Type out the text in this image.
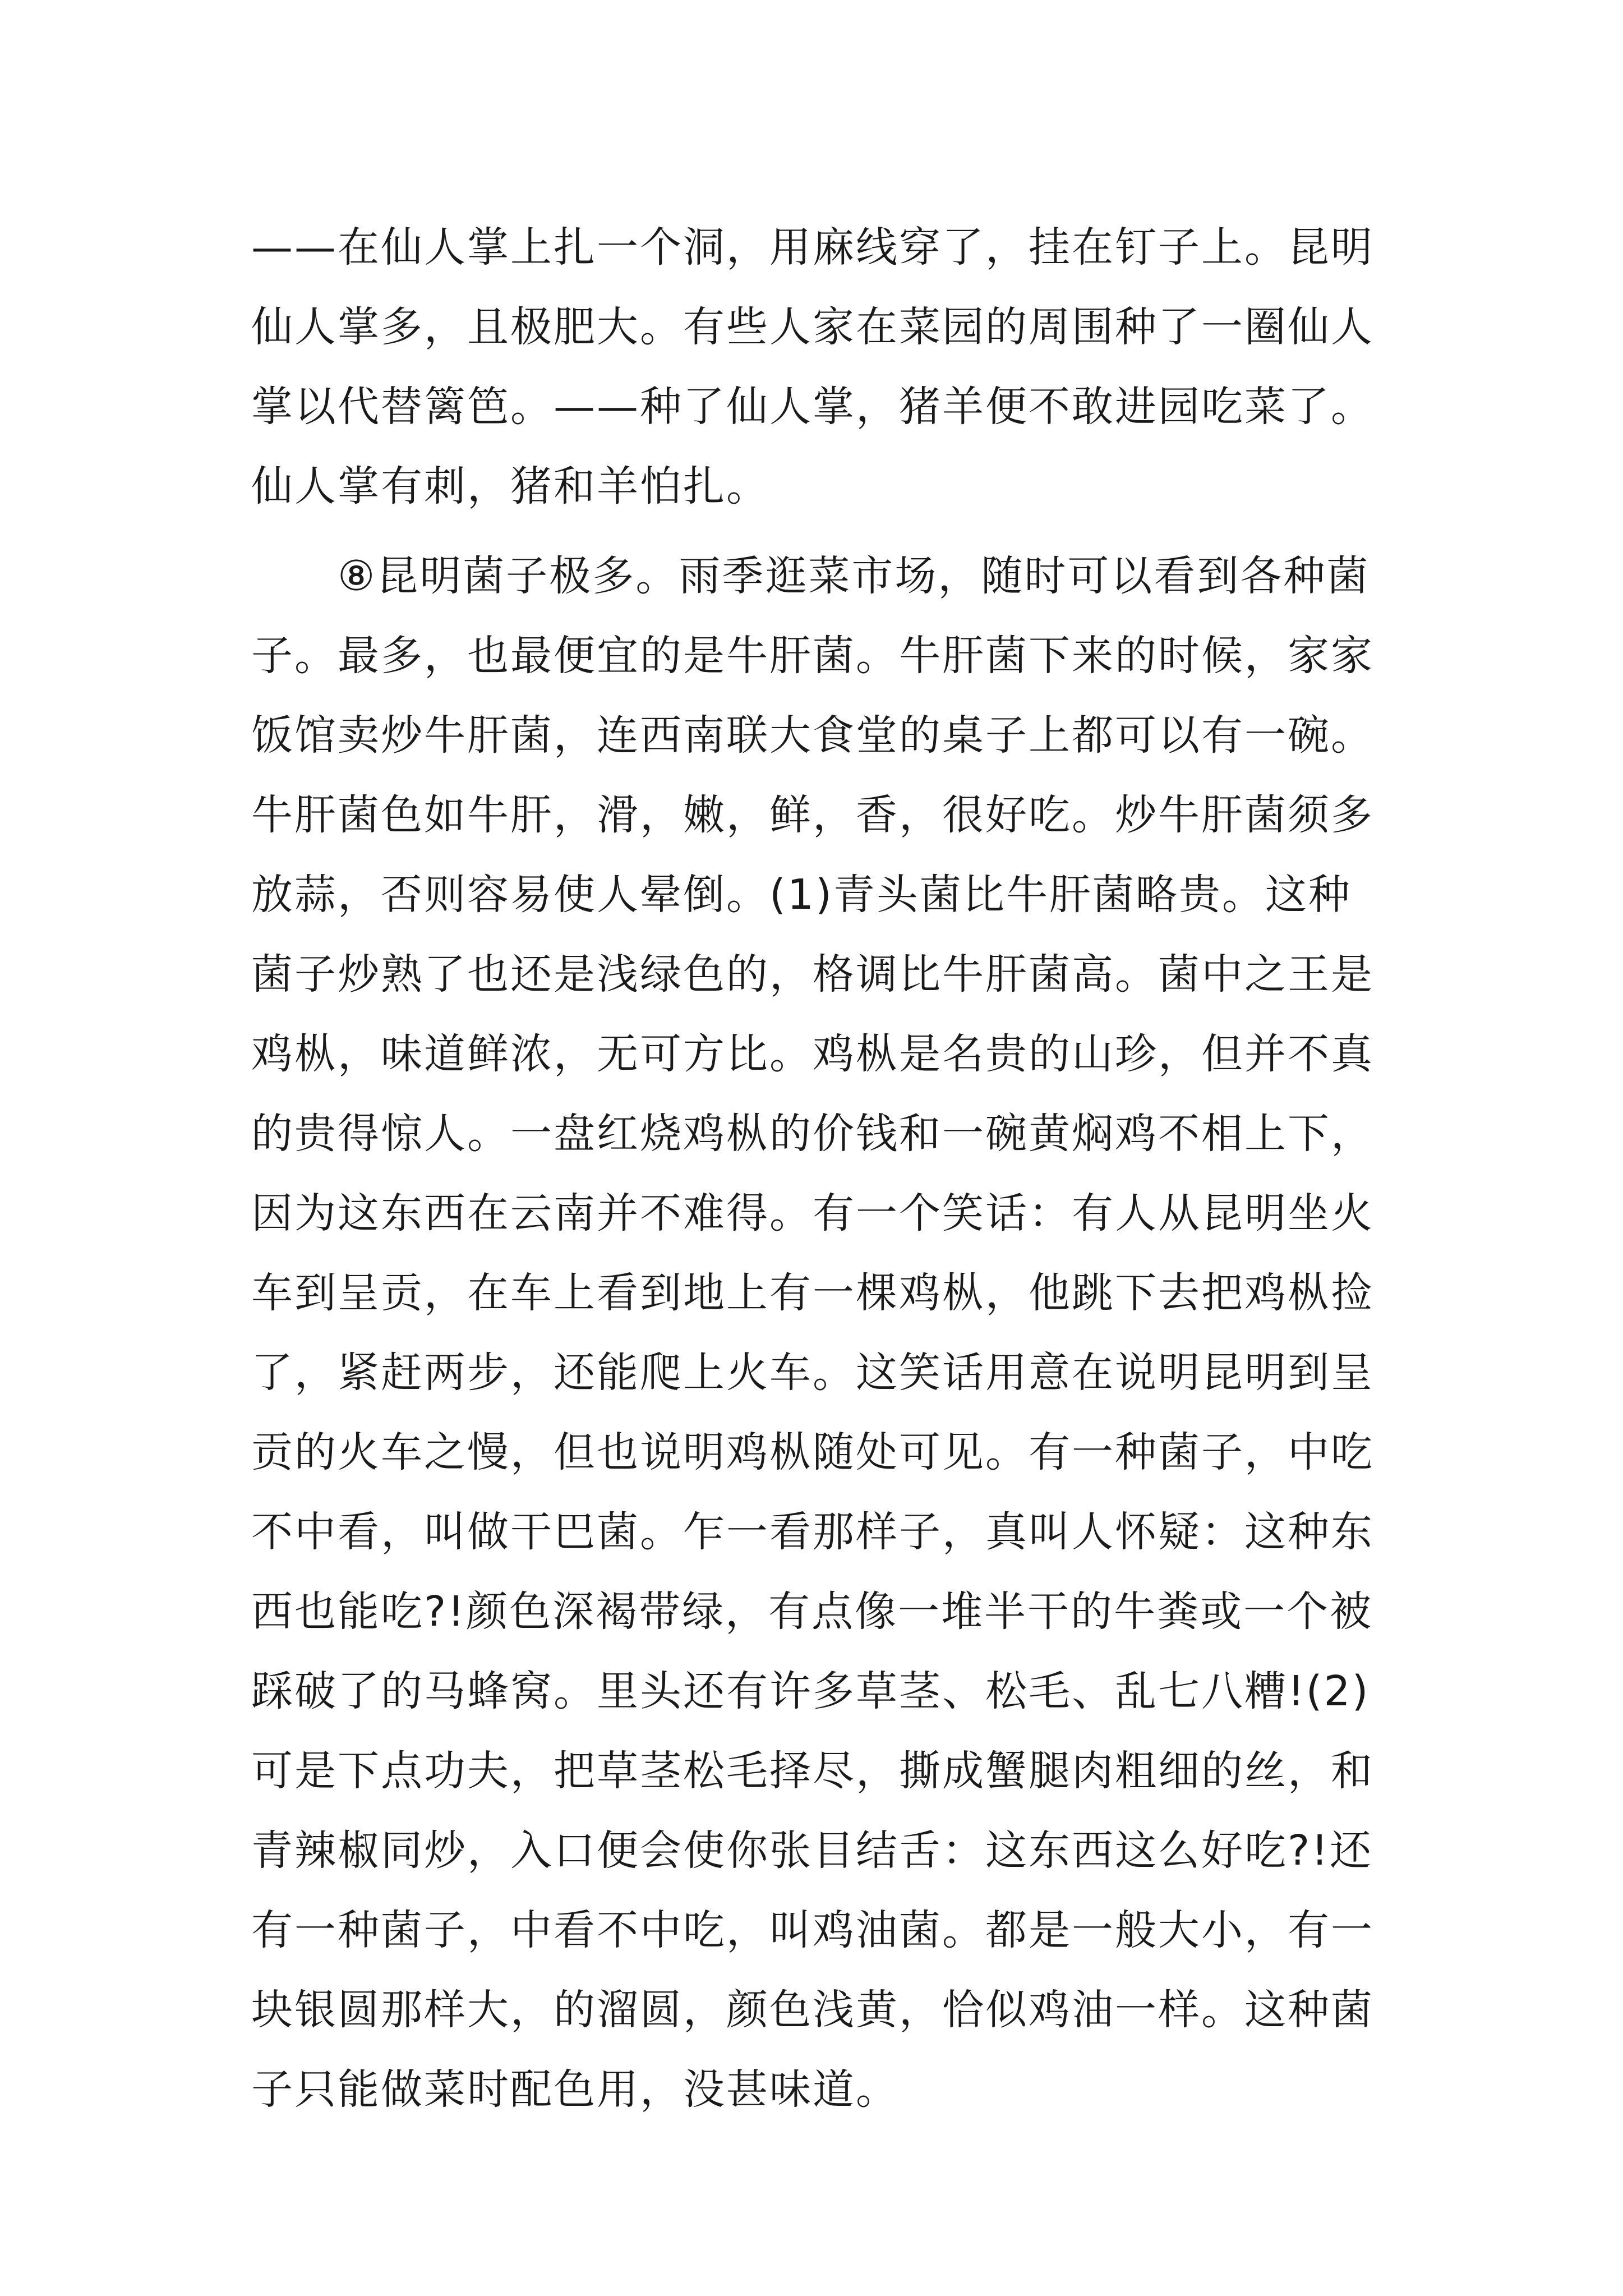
——在仙人掌上扎一个洞，用麻线穿了，挂在钉子上。昆明
仙人掌多，且极肥大。有些人家在菜园的周围种了一圈仙人
掌以代替篱笆。——种了仙人掌，猪羊便不敢进园吃菜了。
仙人掌有刺，猪和羊怕扎。
　　⑧昆明菌子极多。雨季逛菜市场，随时可以看到各种菌
子。最多，也最便宜的是牛肝菌。牛肝菌下来的时候，家家
饭馆卖炒牛肝菌，连西南联大食堂的桌子上都可以有一碗。
牛肝菌色如牛肝，滑，嫩，鲜，香，很好吃。炒牛肝菌须多
放蒜，否则容易使人晕倒。(1)青头菌比牛肝菌略贵。这种
菌子炒熟了也还是浅绿色的，格调比牛肝菌高。菌中之王是
鸡枞，味道鲜浓，无可方比。鸡枞是名贵的山珍，但并不真
的贵得惊人。一盘红烧鸡枞的价钱和一碗黄焖鸡不相上下，
因为这东西在云南并不难得。有一个笑话：有人从昆明坐火
车到呈贡，在车上看到地上有一棵鸡枞，他跳下去把鸡枞捡
了，紧赶两步，还能爬上火车。这笑话用意在说明昆明到呈
贡的火车之慢，但也说明鸡枞随处可见。有一种菌子，中吃
不中看，叫做干巴菌。乍一看那样子，真叫人怀疑：这种东
西也能吃?!颜色深褐带绿，有点像一堆半干的牛粪或一个被
踩破了的马蜂窝。里头还有许多草茎、松毛、乱七八糟!(2)
可是下点功夫，把草茎松毛择尽，撕成蟹腿肉粗细的丝，和
青辣椒同炒，入口便会使你张目结舌：这东西这么好吃?!还
有一种菌子，中看不中吃，叫鸡油菌。都是一般大小，有一
块银圆那样大，的溜圆，颜色浅黄，恰似鸡油一样。这种菌
子只能做菜时配色用，没甚味道。
